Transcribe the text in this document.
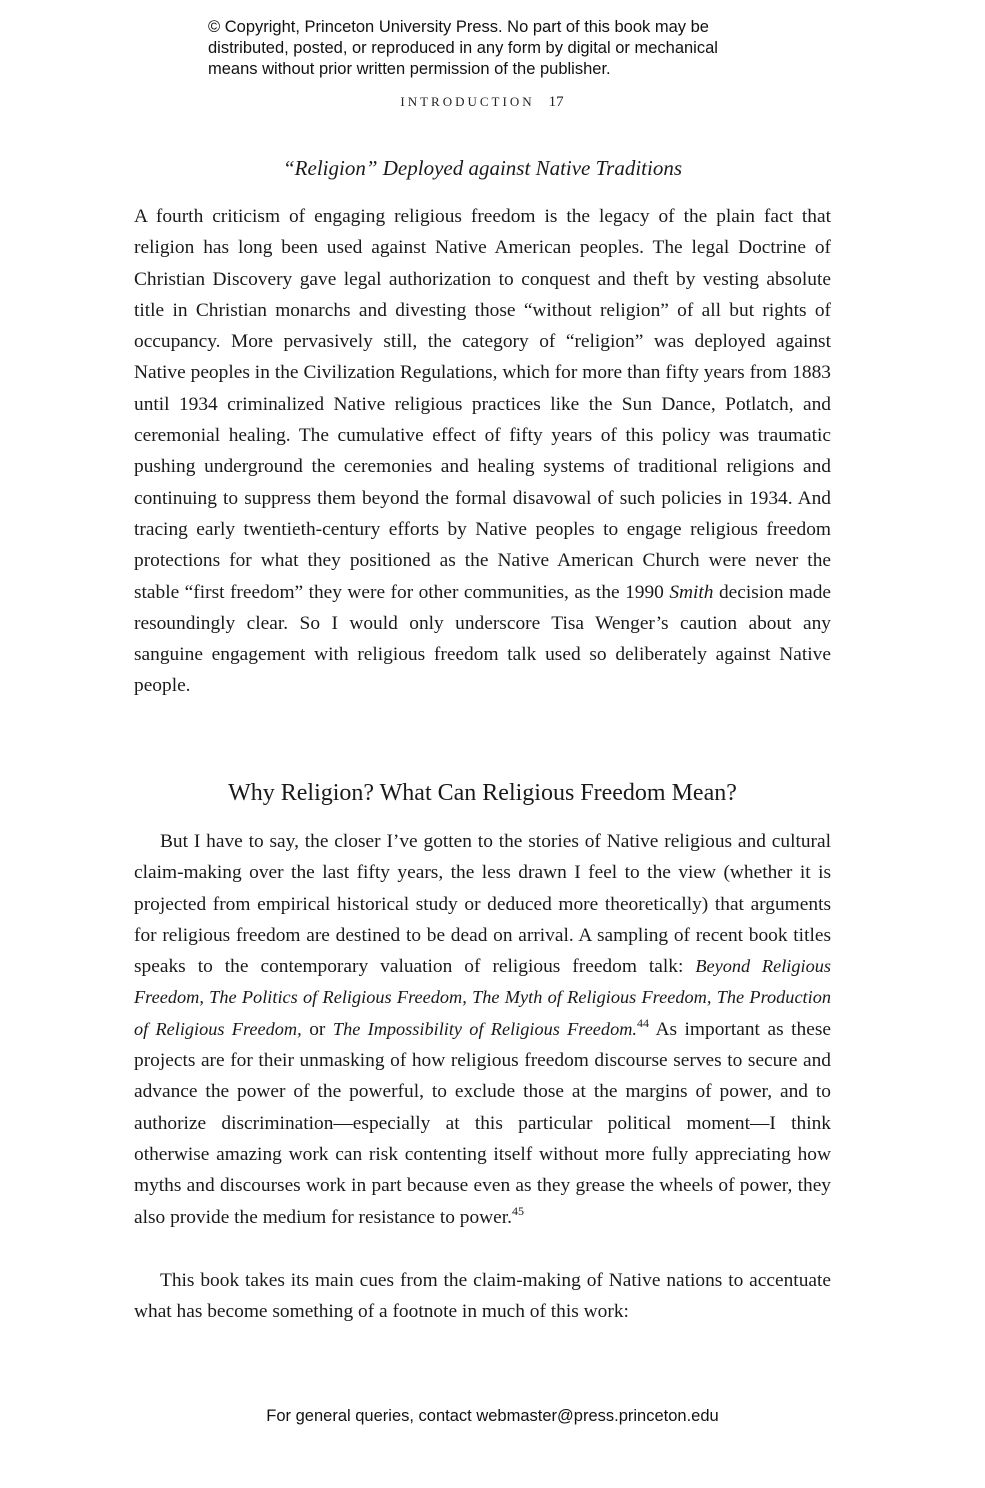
© Copyright, Princeton University Press. No part of this book may be
distributed, posted, or reproduced in any form by digital or mechanical
means without prior written permission of the publisher.
INTRODUCTION 17
“Religion” Deployed against Native Traditions

A fourth criticism of engaging religious freedom is the legacy of the plain fact that religion has long been used against Native American peoples. The legal Doctrine of Christian Discovery gave legal authorization to conquest and theft by vesting absolute title in Christian monarchs and divesting those “without religion” of all but rights of occupancy. More pervasively still, the category of “religion” was deployed against Native peoples in the Civilization Regulations, which for more than fifty years from 1883 until 1934 criminalized Native religious practices like the Sun Dance, Potlatch, and ceremonial healing. The cumulative effect of fifty years of this policy was traumatic pushing underground the ceremonies and healing systems of traditional religions and continuing to suppress them beyond the formal disavowal of such policies in 1934. And tracing early twentieth-century efforts by Native peoples to engage religious freedom protections for what they positioned as the Native American Church were never the stable “first freedom” they were for other communities, as the 1990 Smith decision made resoundingly clear. So I would only underscore Tisa Wenger’s caution about any sanguine engagement with religious freedom talk used so deliberately against Native people.

Why Religion? What Can Religious Freedom Mean?

But I have to say, the closer I’ve gotten to the stories of Native religious and cultural claim-making over the last fifty years, the less drawn I feel to the view (whether it is projected from empirical historical study or deduced more theoretically) that arguments for religious freedom are destined to be dead on arrival. A sampling of recent book titles speaks to the contemporary valuation of religious freedom talk: Beyond Religious Freedom, The Politics of Religious Freedom, The Myth of Religious Freedom, The Production of Religious Freedom, or The Impossibility of Religious Freedom.$^{44}$ As important as these projects are for their unmasking of how religious freedom discourse serves to secure and advance the power of the powerful, to exclude those at the margins of power, and to authorize discrimination—especially at this particular political moment—I think otherwise amazing work can risk contenting itself without more fully appreciating how myths and discourses work in part because even as they grease the wheels of power, they also provide the medium for resistance to power.$^{45}$

This book takes its main cues from the claim-making of Native nations to accentuate what has become something of a footnote in much of this work:

For general queries, contact webmaster@press.princeton.edu
